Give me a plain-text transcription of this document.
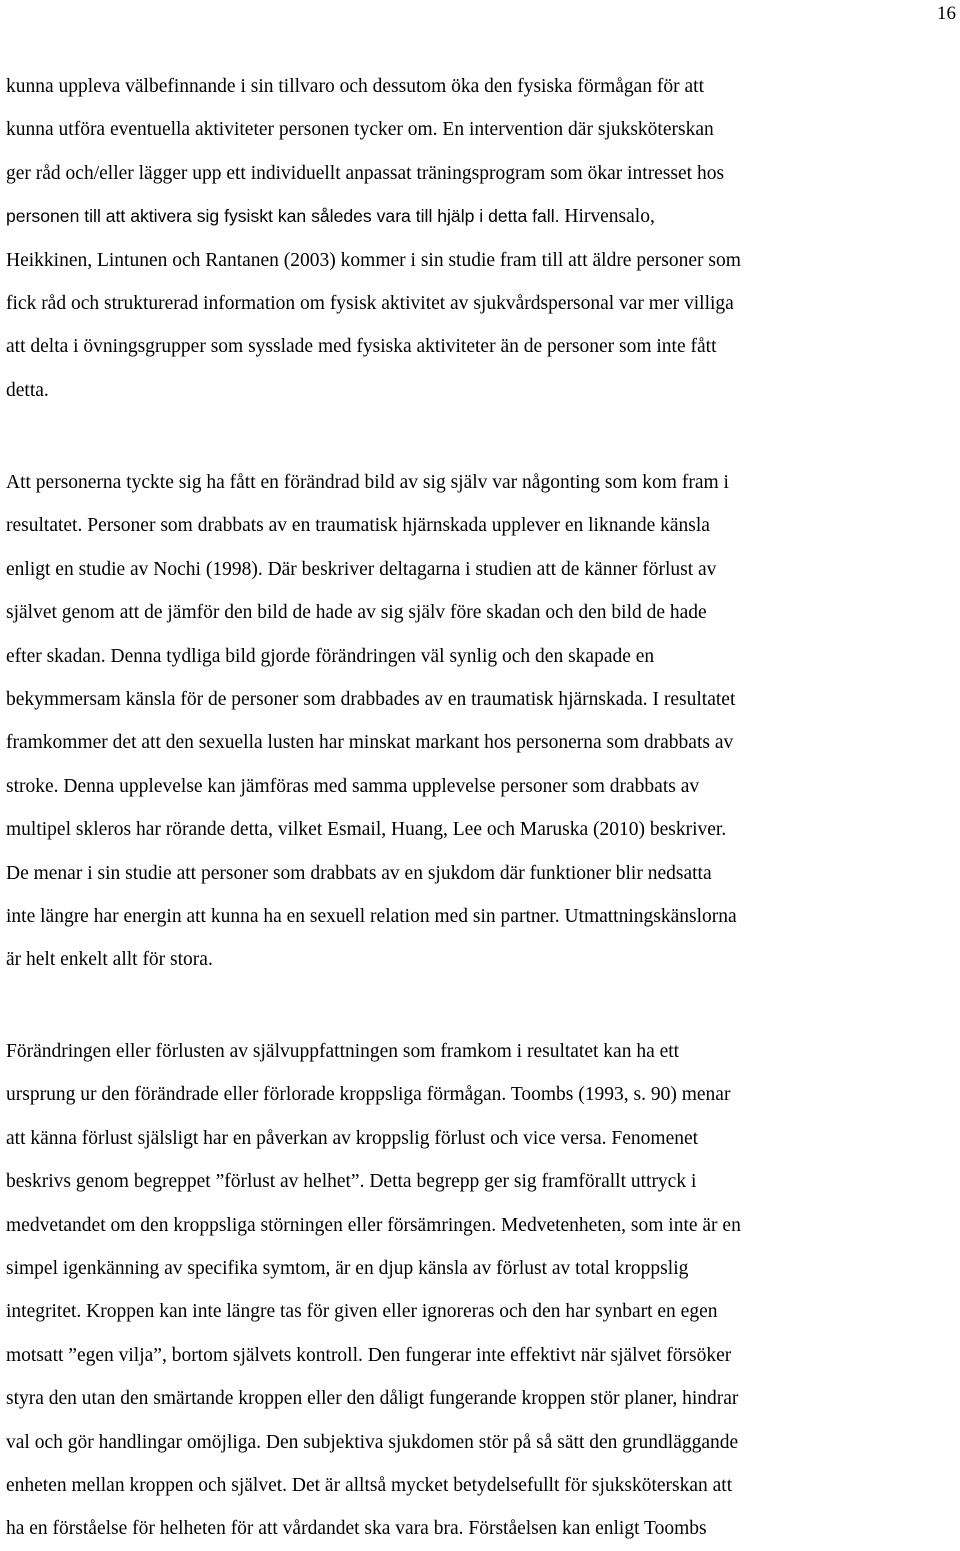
16
kunna uppleva välbefinnande i sin tillvaro och dessutom öka den fysiska förmågan för att
kunna utföra eventuella aktiviteter personen tycker om. En intervention där sjuksköterskan
ger råd och/eller lägger upp ett individuellt anpassat träningsprogram som ökar intresset hos
personen till att aktivera sig fysiskt kan således vara till hjälp i detta fall. Hirvensalo,
Heikkinen, Lintunen och Rantanen (2003) kommer i sin studie fram till att äldre personer som
fick råd och strukturerad information om fysisk aktivitet av sjukvårdspersonal var mer villiga
att delta i övningsgrupper som sysslade med fysiska aktiviteter än de personer som inte fått
detta.
Att personerna tyckte sig ha fått en förändrad bild av sig själv var någonting som kom fram i
resultatet. Personer som drabbats av en traumatisk hjärnskada upplever en liknande känsla
enligt en studie av Nochi (1998). Där beskriver deltagarna i studien att de känner förlust av
självet genom att de jämför den bild de hade av sig själv före skadan och den bild de hade
efter skadan. Denna tydliga bild gjorde förändringen väl synlig och den skapade en
bekymmersam känsla för de personer som drabbades av en traumatisk hjärnskada. I resultatet
framkommer det att den sexuella lusten har minskat markant hos personerna som drabbats av
stroke. Denna upplevelse kan jämföras med samma upplevelse personer som drabbats av
multipel skleros har rörande detta, vilket Esmail, Huang, Lee och Maruska (2010) beskriver.
De menar i sin studie att personer som drabbats av en sjukdom där funktioner blir nedsatta
inte längre har energin att kunna ha en sexuell relation med sin partner. Utmattningskänslorna
är helt enkelt allt för stora.
Förändringen eller förlusten av självuppfattningen som framkom i resultatet kan ha ett
ursprung ur den förändrade eller förlorade kroppsliga förmågan. Toombs (1993, s. 90) menar
att känna förlust själsligt har en påverkan av kroppslig förlust och vice versa. Fenomenet
beskrivs genom begreppet ”förlust av helhet”. Detta begrepp ger sig framförallt uttryck i
medvetandet om den kroppsliga störningen eller försämringen. Medvetenheten, som inte är en
simpel igenkänning av specifika symtom, är en djup känsla av förlust av total kroppslig
integritet. Kroppen kan inte längre tas för given eller ignoreras och den har synbart en egen
motsatt ”egen vilja”, bortom självets kontroll. Den fungerar inte effektivt när självet försöker
styra den utan den smärtande kroppen eller den dåligt fungerande kroppen stör planer, hindrar
val och gör handlingar omöjliga. Den subjektiva sjukdomen stör på så sätt den grundläggande
enheten mellan kroppen och självet. Det är alltså mycket betydelsefullt för sjuksköterskan att
ha en förståelse för helheten för att vårdandet ska vara bra. Förståelsen kan enligt Toombs
